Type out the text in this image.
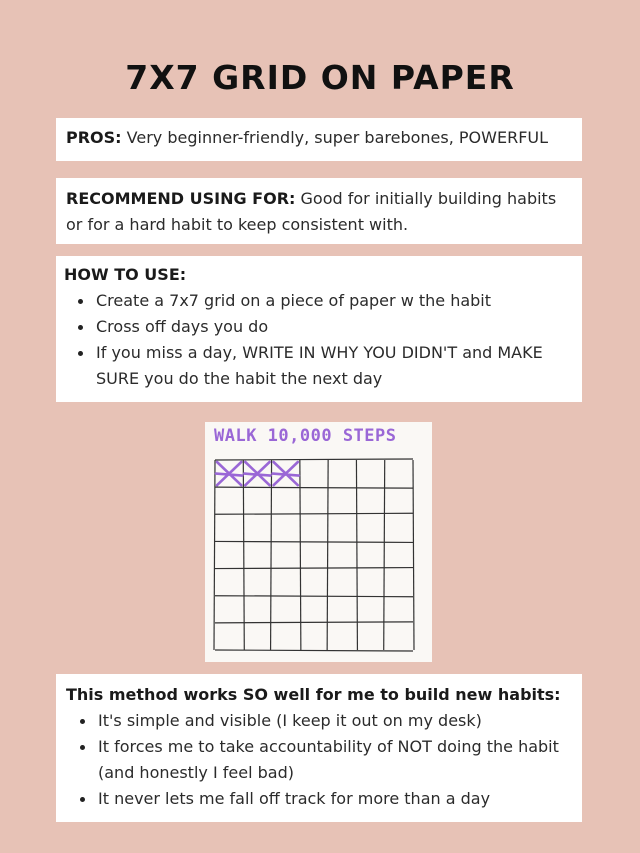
7X7 GRID ON PAPER
PROS: Very beginner-friendly, super barebones, POWERFUL
RECOMMEND USING FOR: Good for initially building habits or for a hard habit to keep consistent with.
HOW TO USE:
Create a 7x7 grid on a piece of paper w the habit
Cross off days you do
If you miss a day, WRITE IN WHY YOU DIDN'T and MAKE SURE you do the habit the next day
WALK 10,000 STEPS
This method works SO well for me to build new habits:
It's simple and visible (I keep it out on my desk)
It forces me to take accountability of NOT doing the habit (and honestly I feel bad)
It never lets me fall off track for more than a day
